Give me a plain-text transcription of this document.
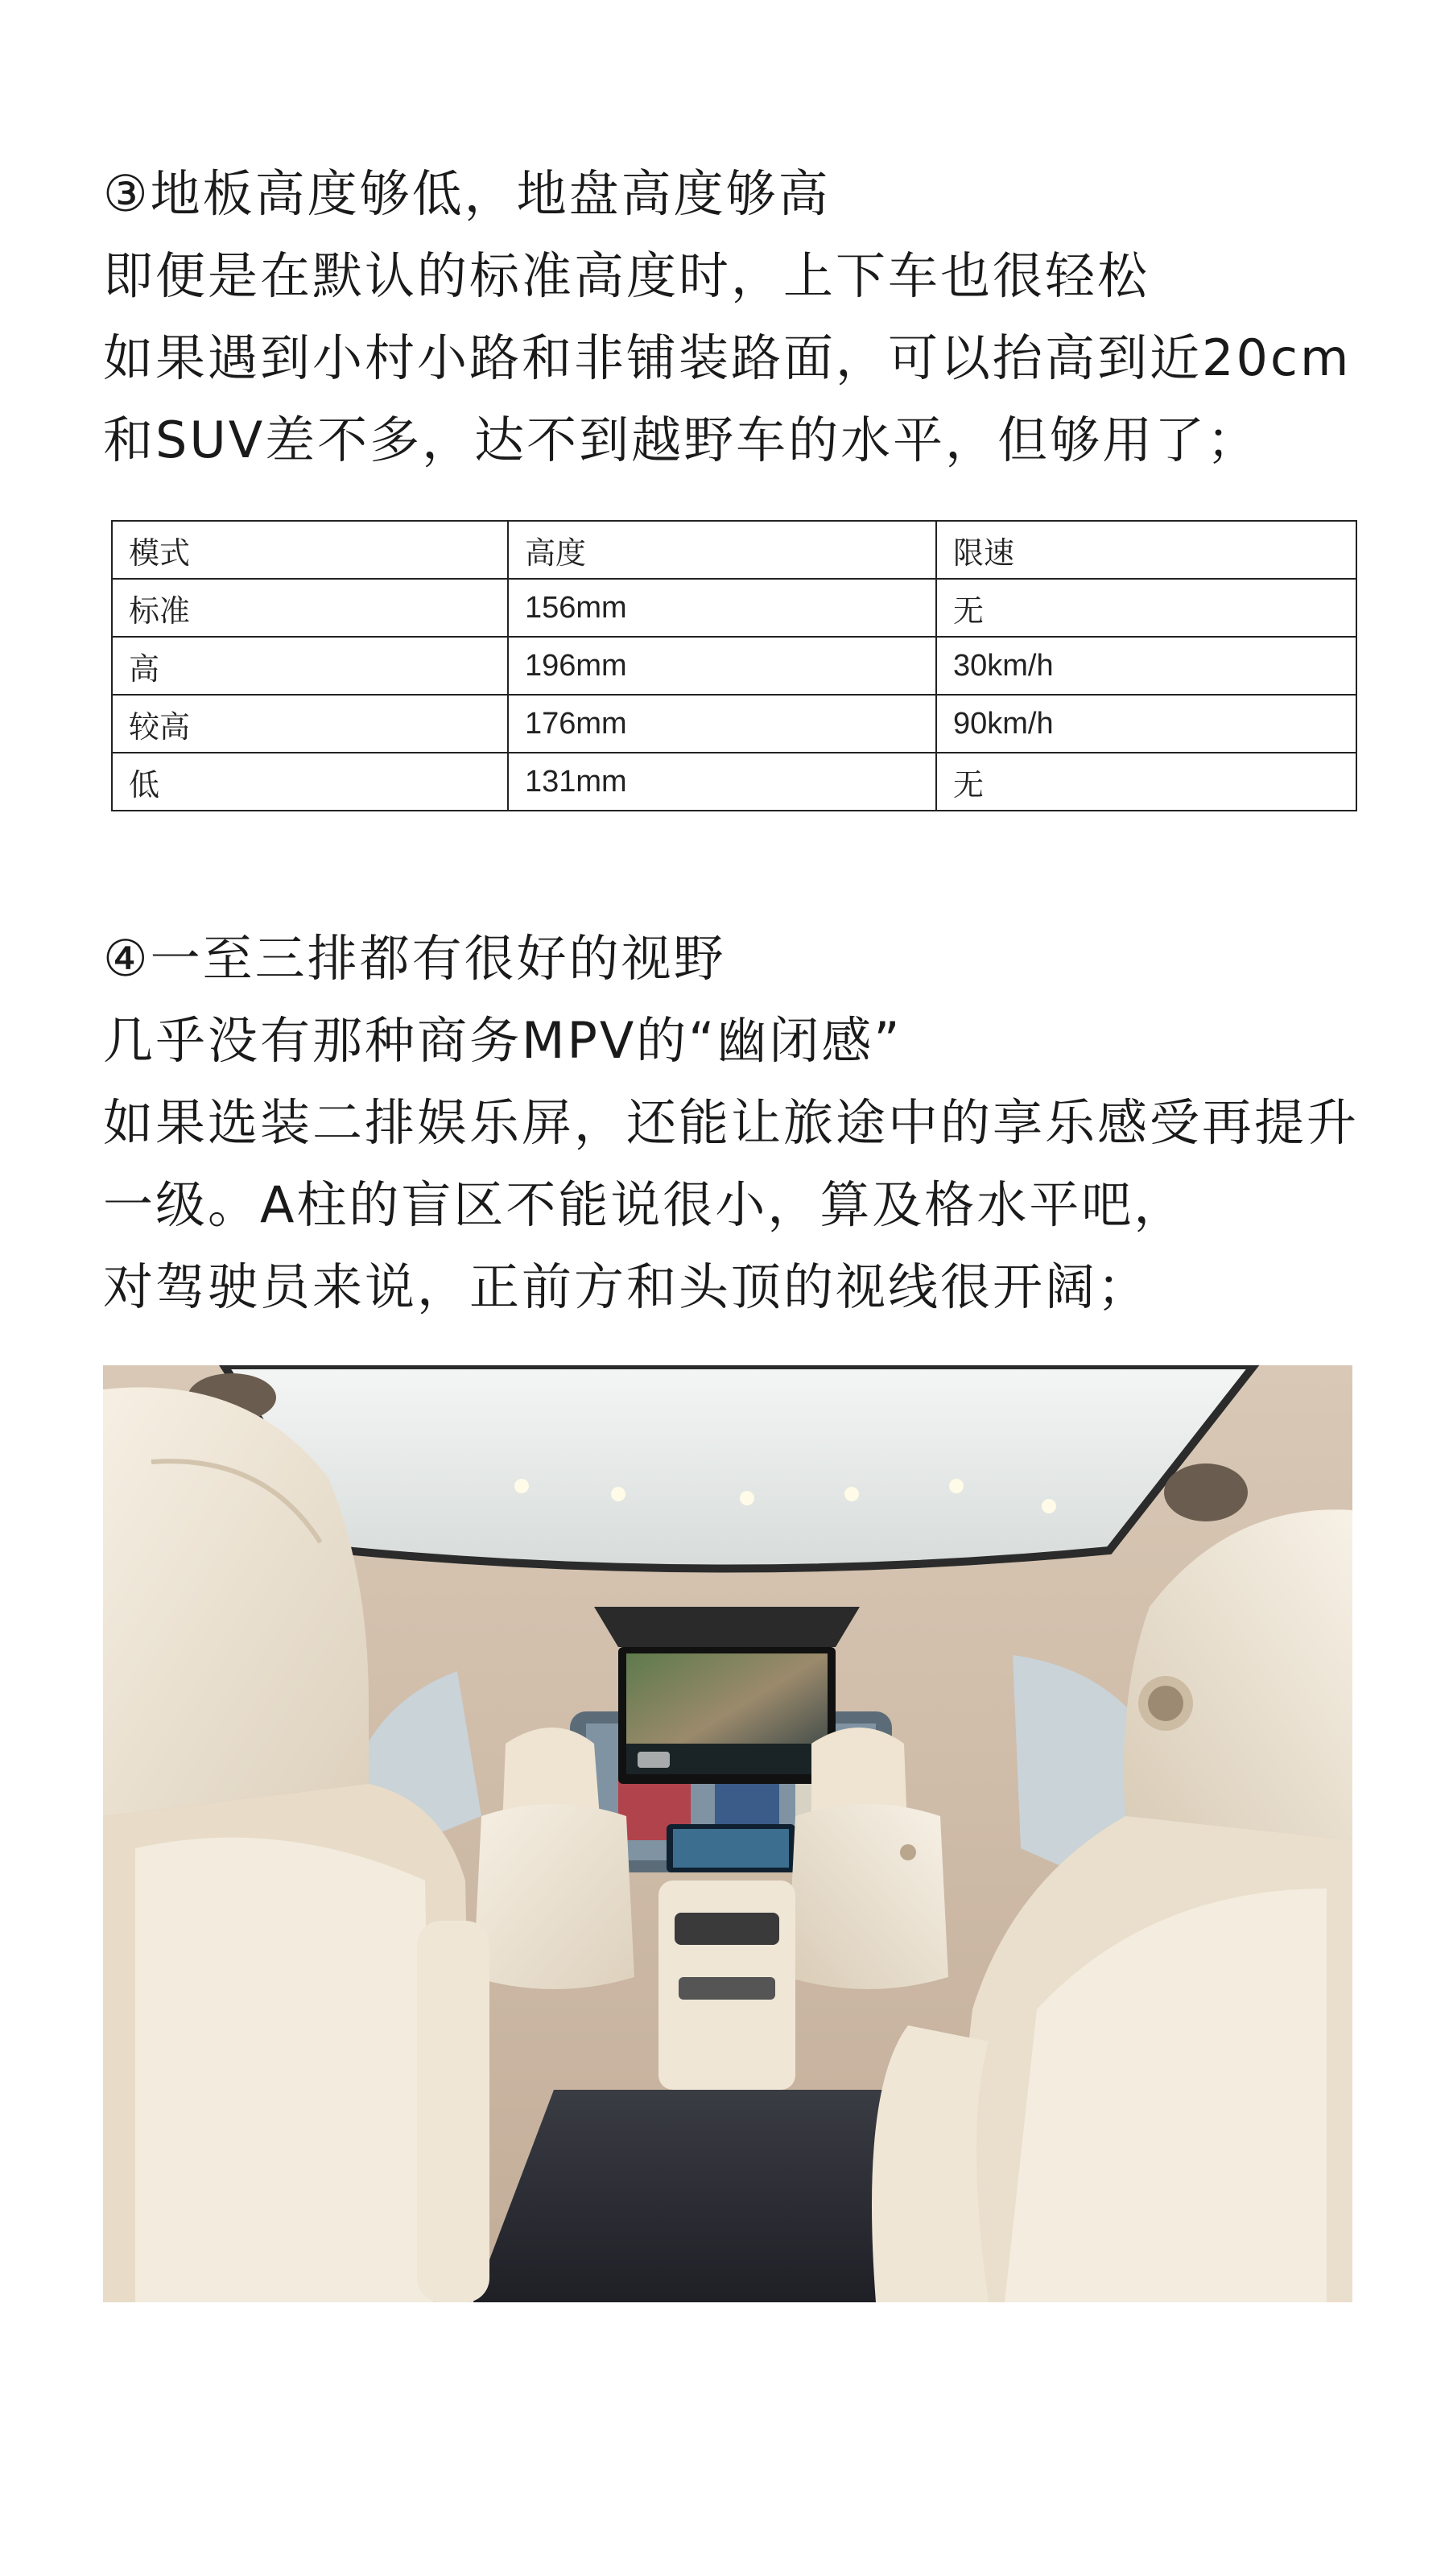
③地板高度够低，地盘高度够高

即便是在默认的标准高度时，上下车也很轻松

如果遇到小村小路和非铺装路面，可以抬高到近20cm

和SUV差不多，达不到越野车的水平，但够用了；

模式	高度	限速
标准	156mm	无
高	196mm	30km/h
较高	176mm	90km/h
低	131mm	无

④一至三排都有很好的视野

几乎没有那种商务MPV的“幽闭感”

如果选装二排娱乐屏，还能让旅途中的享乐感受再提升

一级。A柱的盲区不能说很小，算及格水平吧，

对驾驶员来说，正前方和头顶的视线很开阔；
